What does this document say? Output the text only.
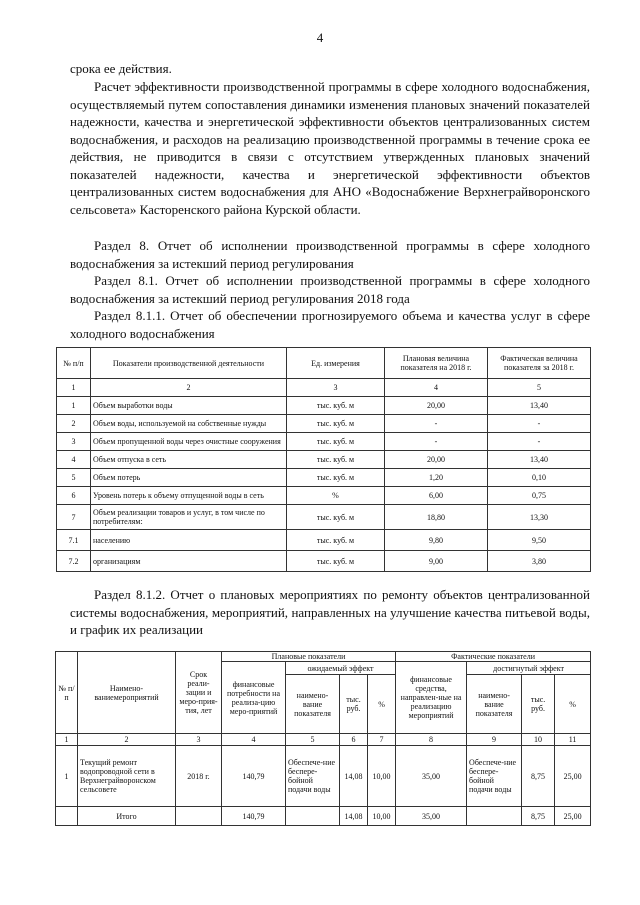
4

срока ее действия.

Расчет эффективности производственной программы в сфере холодного водоснабжения, осуществляемый путем сопоставления динамики изменения плановых значений показателей надежности, качества и энергетической эффективности объектов централизованных систем водоснабжения, и расходов на реализацию производственной программы в течение срока ее действия, не приводится в связи с отсутствием утвержденных плановых значений показателей надежности, качества и энергетической эффективности объектов централизованных систем водоснабжения для АНО «Водоснабжение Верхнеграйворонского сельсовета» Касторенского района Курской области.

Раздел 8. Отчет об исполнении производственной программы в сфере холодного водоснабжения за истекший период регулирования

Раздел 8.1. Отчет об исполнении производственной программы в сфере холодного водоснабжения за истекший период регулирования 2018 года

Раздел 8.1.1. Отчет об обеспечении прогнозируемого объема и качества услуг в сфере холодного водоснабжения

№ п/п	Показатели производственной деятельности	Ед. измерения	Плановая величина показателя на 2018 г.	Фактическая величина показателя за 2018 г.
1	2	3	4	5
1	Объем выработки воды	тыс. куб. м	20,00	13,40
2	Объем воды, используемой на собственные нужды	тыс. куб. м	-	-
3	Объем пропущенной воды через очистные сооружения	тыс. куб. м	-	-
4	Объем отпуска в сеть	тыс. куб. м	20,00	13,40
5	Объем потерь	тыс. куб. м	1,20	0,10
6	Уровень потерь к объему отпущенной воды в сеть	%	6,00	0,75
7	Объем реализации товаров и услуг, в том числе по потребителям:	тыс. куб. м	18,80	13,30
7.1	населению	тыс. куб. м	9,80	9,50
7.2	организациям	тыс. куб. м	9,00	3,80

Раздел 8.1.2. Отчет о плановых мероприятиях по ремонту объектов централизованной системы водоснабжения, мероприятий, направленных на улучшение качества питьевой воды, и график их реализации

№ п/п	Наимено-ваниемероприятий	Срок реали-зации и меро-прия-тия, лет	Плановые показатели				Фактические показатели			
			финансовые потребности на реализа-цию меро-приятий	ожидаемый эффект			финансовые средства, направлен-ные на реализацию мероприятий	достигнутый эффект		
				наимено-вание показателя	тыс. руб.	%		наимено-вание показателя	тыс. руб.	%
1	2	3	4	5	6	7	8	9	10	11
1	Текущий ремонт водопроводной сети в Верхнеграйворонском сельсовете	2018 г.	140,79	Обеспече-ние беспере-бойной подачи воды	14,08	10,00	35,00	Обеспече-ние беспере-бойной подачи воды	8,75	25,00
	Итого		140,79		14,08	10,00	35,00		8,75	25,00
